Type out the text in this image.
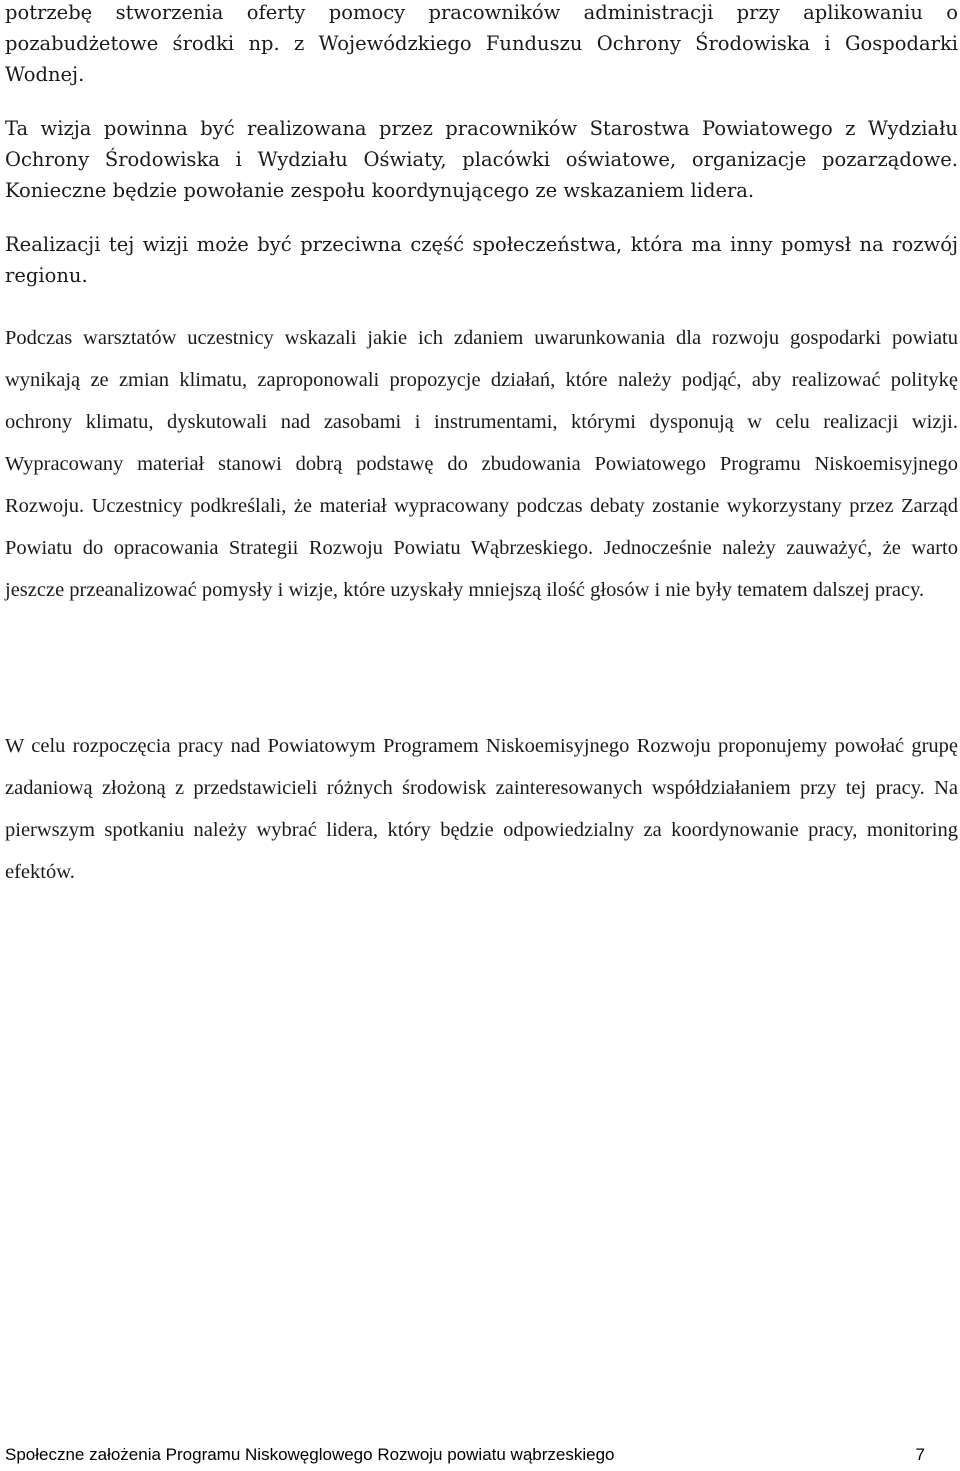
potrzebę stworzenia oferty pomocy pracowników administracji przy aplikowaniu o pozabudżetowe środki np. z Wojewódzkiego Funduszu Ochrony Środowiska i Gospodarki Wodnej.

Ta wizja powinna być realizowana przez pracowników Starostwa Powiatowego z Wydziału Ochrony Środowiska i Wydziału Oświaty, placówki oświatowe, organizacje pozarządowe. Konieczne będzie powołanie zespołu koordynującego ze wskazaniem lidera.

Realizacji tej wizji może być przeciwna część społeczeństwa, która ma inny pomysł na rozwój regionu.

Podczas warsztatów uczestnicy wskazali jakie ich zdaniem uwarunkowania dla rozwoju gospodarki powiatu wynikają ze zmian klimatu, zaproponowali propozycje działań, które należy podjąć, aby realizować politykę ochrony klimatu, dyskutowali nad zasobami i instrumentami, którymi dysponują w celu realizacji wizji. Wypracowany materiał stanowi dobrą podstawę do zbudowania Powiatowego Programu Niskoemisyjnego Rozwoju. Uczestnicy podkreślali, że materiał wypracowany podczas debaty zostanie wykorzystany przez Zarząd Powiatu do opracowania Strategii Rozwoju Powiatu Wąbrzeskiego. Jednocześnie należy zauważyć, że warto jeszcze przeanalizować pomysły i wizje, które uzyskały mniejszą ilość głosów i nie były tematem dalszej pracy.

W celu rozpoczęcia pracy nad Powiatowym Programem Niskoemisyjnego Rozwoju proponujemy powołać grupę zadaniową złożoną z przedstawicieli różnych środowisk zainteresowanych współdziałaniem przy tej pracy. Na pierwszym spotkaniu należy wybrać lidera, który będzie odpowiedzialny za koordynowanie pracy, monitoring efektów.

Społeczne założenia Programu Niskowęglowego Rozwoju powiatu wąbrzeskiego	7
